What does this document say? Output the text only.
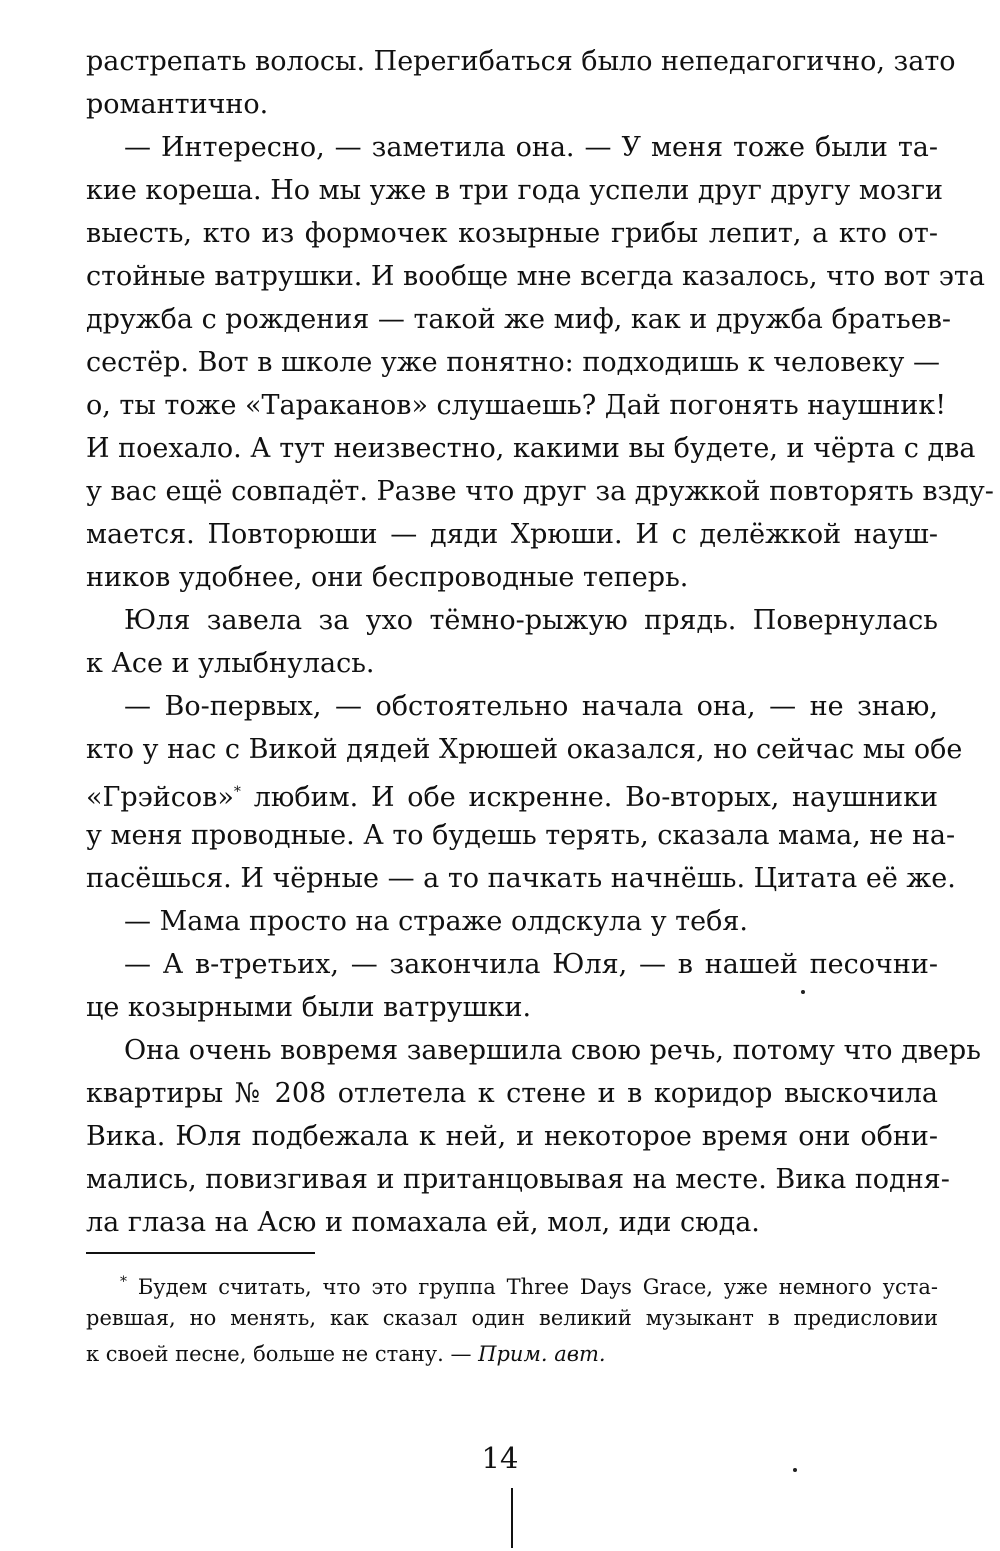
растрепать волосы. Перегибаться было непедагогично, зато
романтично.
— Интересно, — заметила она. — У меня тоже были та-
кие кореша. Но мы уже в три года успели друг другу мозги
выесть, кто из формочек козырные грибы лепит, а кто от-
стойные ватрушки. И вообще мне всегда казалось, что вот эта
дружба с рождения — такой же миф, как и дружба братьев-
сестёр. Вот в школе уже понятно: подходишь к человеку —
о, ты тоже «Тараканов» слушаешь? Дай погонять наушник!
И поехало. А тут неизвестно, какими вы будете, и чёрта с два
у вас ещё совпадёт. Разве что друг за дружкой повторять взду-
мается. Повторюши — дяди Хрюши. И с делёжкой науш-
ников удобнее, они беспроводные теперь.
Юля завела за ухо тёмно-рыжую прядь. Повернулась
к Асе и улыбнулась.
— Во-первых, — обстоятельно начала она, — не знаю,
кто у нас с Викой дядей Хрюшей оказался, но сейчас мы обе
«Грэйсов»* любим. И обе искренне. Во-вторых, наушники
у меня проводные. А то будешь терять, сказала мама, не на-
пасёшься. И чёрные — а то пачкать начнёшь. Цитата её же.
— Мама просто на страже олдскула у тебя.
— А в-третьих, — закончила Юля, — в нашей песочни-
це козырными были ватрушки.
Она очень вовремя завершила свою речь, потому что дверь
квартиры № 208 отлетела к стене и в коридор выскочила
Вика. Юля подбежала к ней, и некоторое время они обни-
мались, повизгивая и пританцовывая на месте. Вика подня-
ла глаза на Асю и помахала ей, мол, иди сюда.
* Будем считать, что это группа Three Days Grace, уже немного уста-
ревшая, но менять, как сказал один великий музыкант в предисловии
к своей песне, больше не стану. — Прим. авт.
14
